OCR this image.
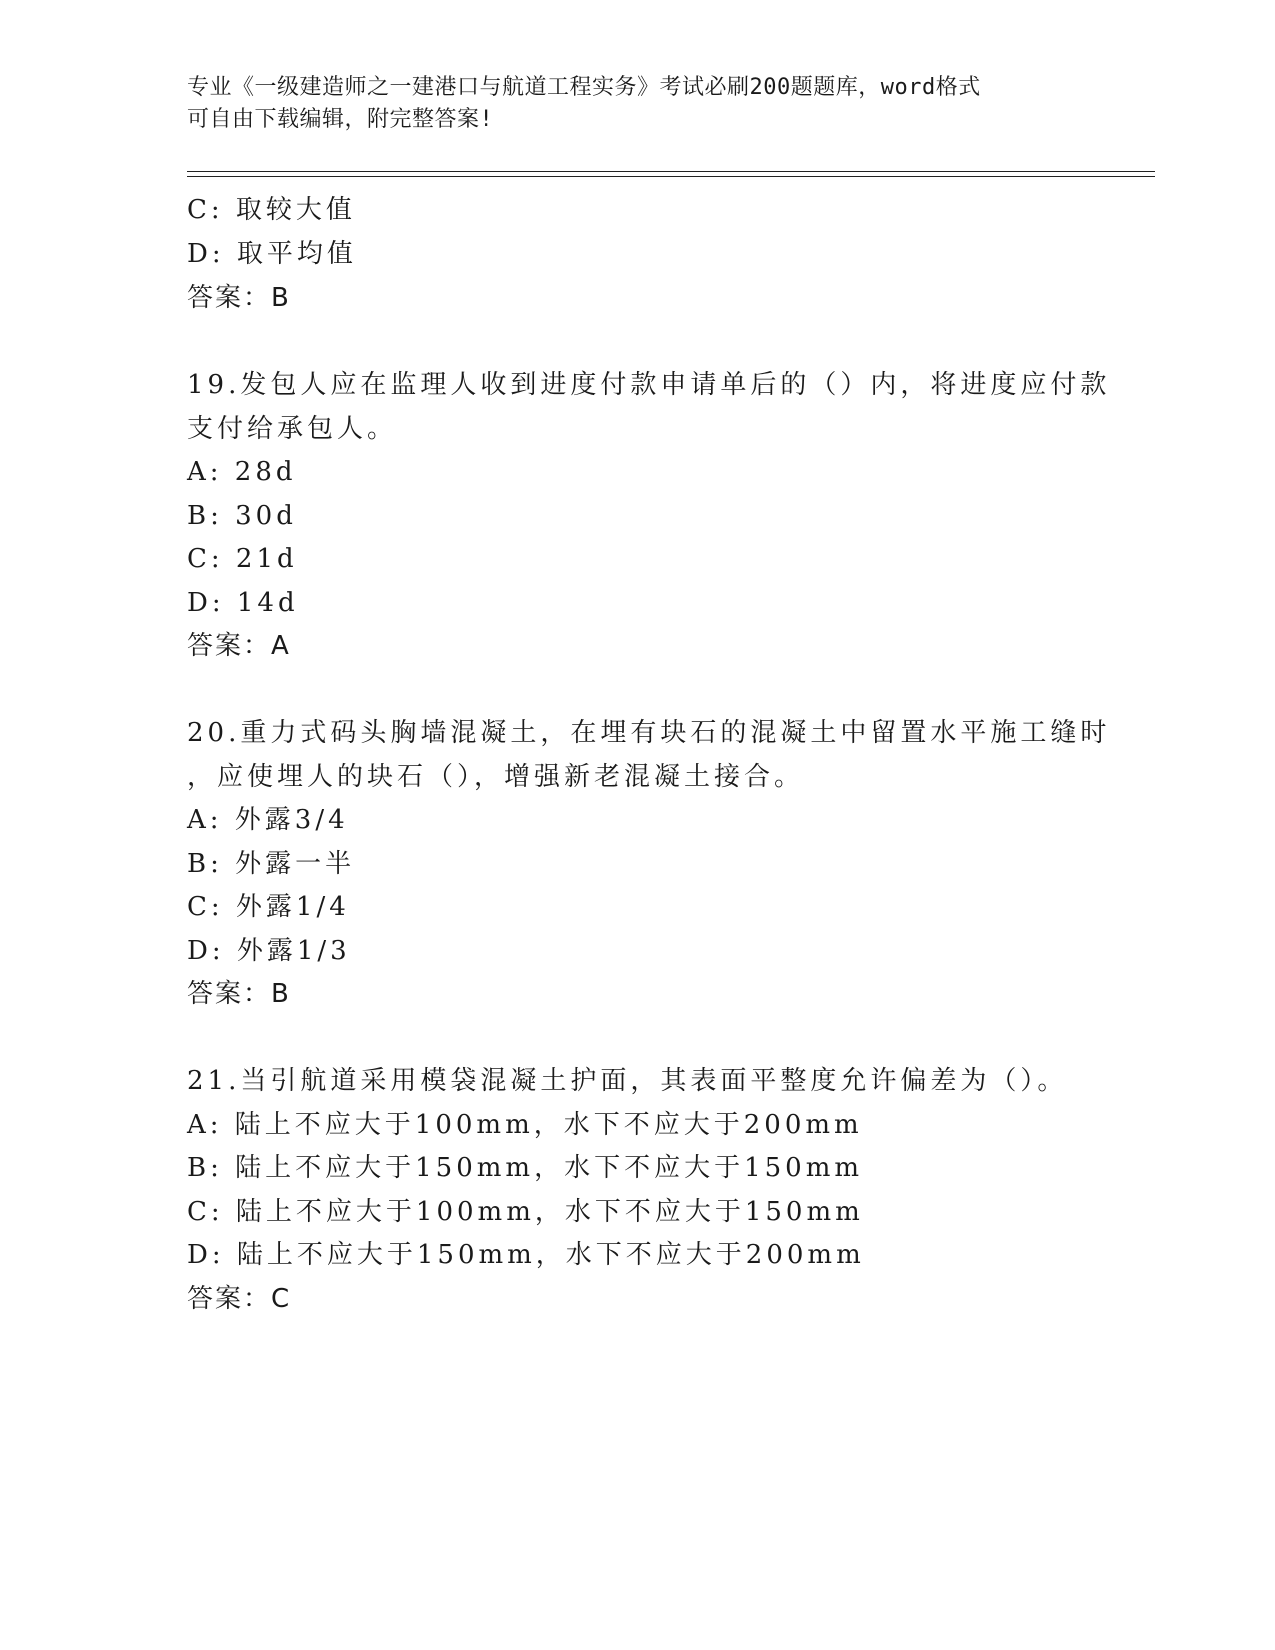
专业《一级建造师之一建港口与航道工程实务》考试必刷200题题库，word格式
可自由下载编辑，附完整答案!
C: 取较大值
D: 取平均值
答案：B
19.发包人应在监理人收到进度付款申请单后的（）内，将进度应付款
支付给承包人。
A: 28d
B: 30d
C: 21d
D: 14d
答案：A
20.重力式码头胸墙混凝土，在埋有块石的混凝土中留置水平施工缝时
，应使埋人的块石（），增强新老混凝土接合。
A: 外露3/4
B: 外露一半
C: 外露1/4
D: 外露1/3
答案：B
21.当引航道采用模袋混凝土护面，其表面平整度允许偏差为（）。
A: 陆上不应大于100mm，水下不应大于200mm
B: 陆上不应大于150mm，水下不应大于150mm
C: 陆上不应大于100mm，水下不应大于150mm
D: 陆上不应大于150mm，水下不应大于200mm
答案：C
